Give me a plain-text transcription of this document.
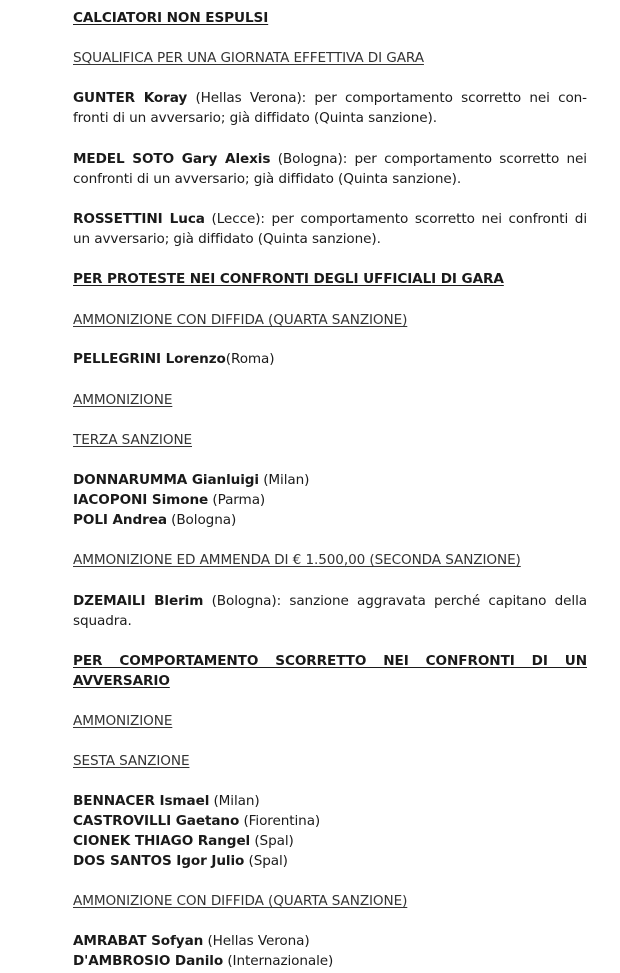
CALCIATORI NON ESPULSI
SQUALIFICA PER UNA GIORNATA EFFETTIVA DI GARA
GUNTER Koray (Hellas Verona): per comportamento scorretto nei con-
fronti di un avversario; già diffidato (Quinta sanzione).
MEDEL SOTO Gary Alexis (Bologna): per comportamento scorretto nei
confronti di un avversario; già diffidato (Quinta sanzione).
ROSSETTINI Luca (Lecce): per comportamento scorretto nei confronti di
un avversario; già diffidato (Quinta sanzione).
PER PROTESTE NEI CONFRONTI DEGLI UFFICIALI DI GARA
AMMONIZIONE CON DIFFIDA (QUARTA SANZIONE)
PELLEGRINI Lorenzo(Roma)
AMMONIZIONE
TERZA SANZIONE
DONNARUMMA Gianluigi (Milan)
IACOPONI Simone (Parma)
POLI Andrea (Bologna)
AMMONIZIONE ED AMMENDA DI € 1.500,00 (SECONDA SANZIONE)
DZEMAILI Blerim (Bologna): sanzione aggravata perché capitano della
squadra.
PER COMPORTAMENTO SCORRETTO NEI CONFRONTI DI UN
AVVERSARIO
AMMONIZIONE
SESTA SANZIONE
BENNACER Ismael (Milan)
CASTROVILLI Gaetano (Fiorentina)
CIONEK THIAGO Rangel (Spal)
DOS SANTOS Igor Julio (Spal)
AMMONIZIONE CON DIFFIDA (QUARTA SANZIONE)
AMRABAT Sofyan (Hellas Verona)
D'AMBROSIO Danilo (Internazionale)
